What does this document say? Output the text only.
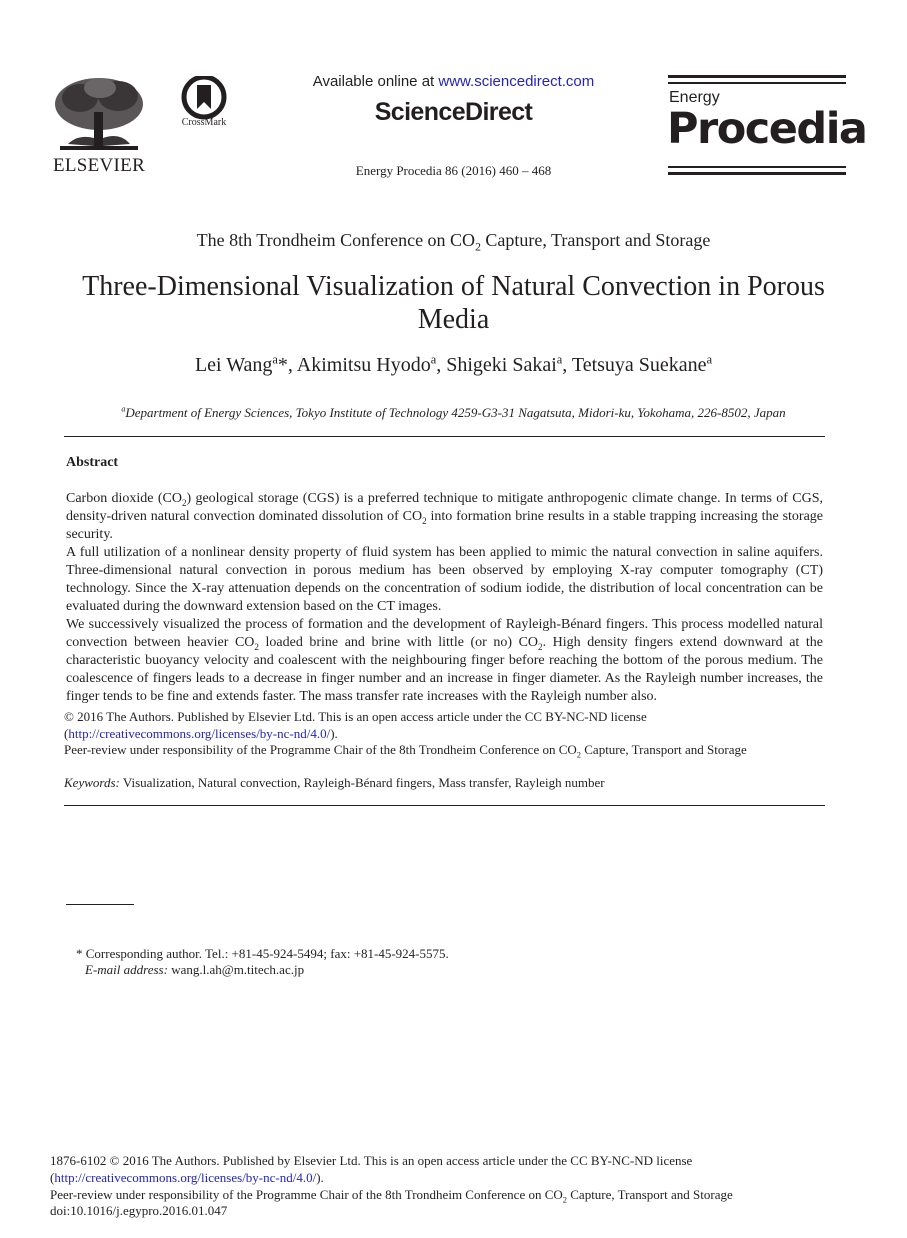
ELSEVIER
CrossMark
Available online at www.sciencedirect.com
ScienceDirect
Energy Procedia 86 (2016) 460 – 468
Energy
Procedia
The 8th Trondheim Conference on $CO_2$ Capture, Transport and Storage
Three-Dimensional Visualization of Natural Convection in Porous Media
Lei Wang$^a$*, Akimitsu Hyodo$^a$, Shigeki Sakai$^a$, Tetsuya Suekane$^a$
$^a$Department of Energy Sciences, Tokyo Institute of Technology 4259-G3-31 Nagatsuta, Midori-ku, Yokohama, 226-8502, Japan
Abstract
Carbon dioxide $(CO_2)$ geological storage (CGS) is a preferred technique to mitigate anthropogenic climate change. In terms of CGS, density-driven natural convection dominated dissolution of $CO_2$ into formation brine results in a stable trapping increasing the storage security.
A full utilization of a nonlinear density property of fluid system has been applied to mimic the natural convection in saline aquifers. Three-dimensional natural convection in porous medium has been observed by employing X-ray computer tomography (CT) technology. Since the X-ray attenuation depends on the concentration of sodium iodide, the distribution of local concentration can be evaluated during the downward extension based on the CT images.
We successively visualized the process of formation and the development of Rayleigh-Bénard fingers. This process modelled natural convection between heavier $CO_2$ loaded brine and brine with little (or no) $CO_2$. High density fingers extend downward at the characteristic buoyancy velocity and coalescent with the neighbouring finger before reaching the bottom of the porous medium. The coalescence of fingers leads to a decrease in finger number and an increase in finger diameter. As the Rayleigh number increases, the finger tends to be fine and extends faster. The mass transfer rate increases with the Rayleigh number also.
© 2016 The Authors. Published by Elsevier Ltd. This is an open access article under the CC BY-NC-ND license
(http://creativecommons.org/licenses/by-nc-nd/4.0/).
Peer-review under responsibility of the Programme Chair of the 8th Trondheim Conference on $CO_2$ Capture, Transport and Storage
Keywords: Visualization, Natural convection, Rayleigh-Bénard fingers, Mass transfer, Rayleigh number
* Corresponding author. Tel.: +81-45-924-5494; fax: +81-45-924-5575.
E-mail address: wang.l.ah@m.titech.ac.jp
1876-6102 © 2016 The Authors. Published by Elsevier Ltd. This is an open access article under the CC BY-NC-ND license
(http://creativecommons.org/licenses/by-nc-nd/4.0/).
Peer-review under responsibility of the Programme Chair of the 8th Trondheim Conference on $CO_2$ Capture, Transport and Storage
doi:10.1016/j.egypro.2016.01.047
